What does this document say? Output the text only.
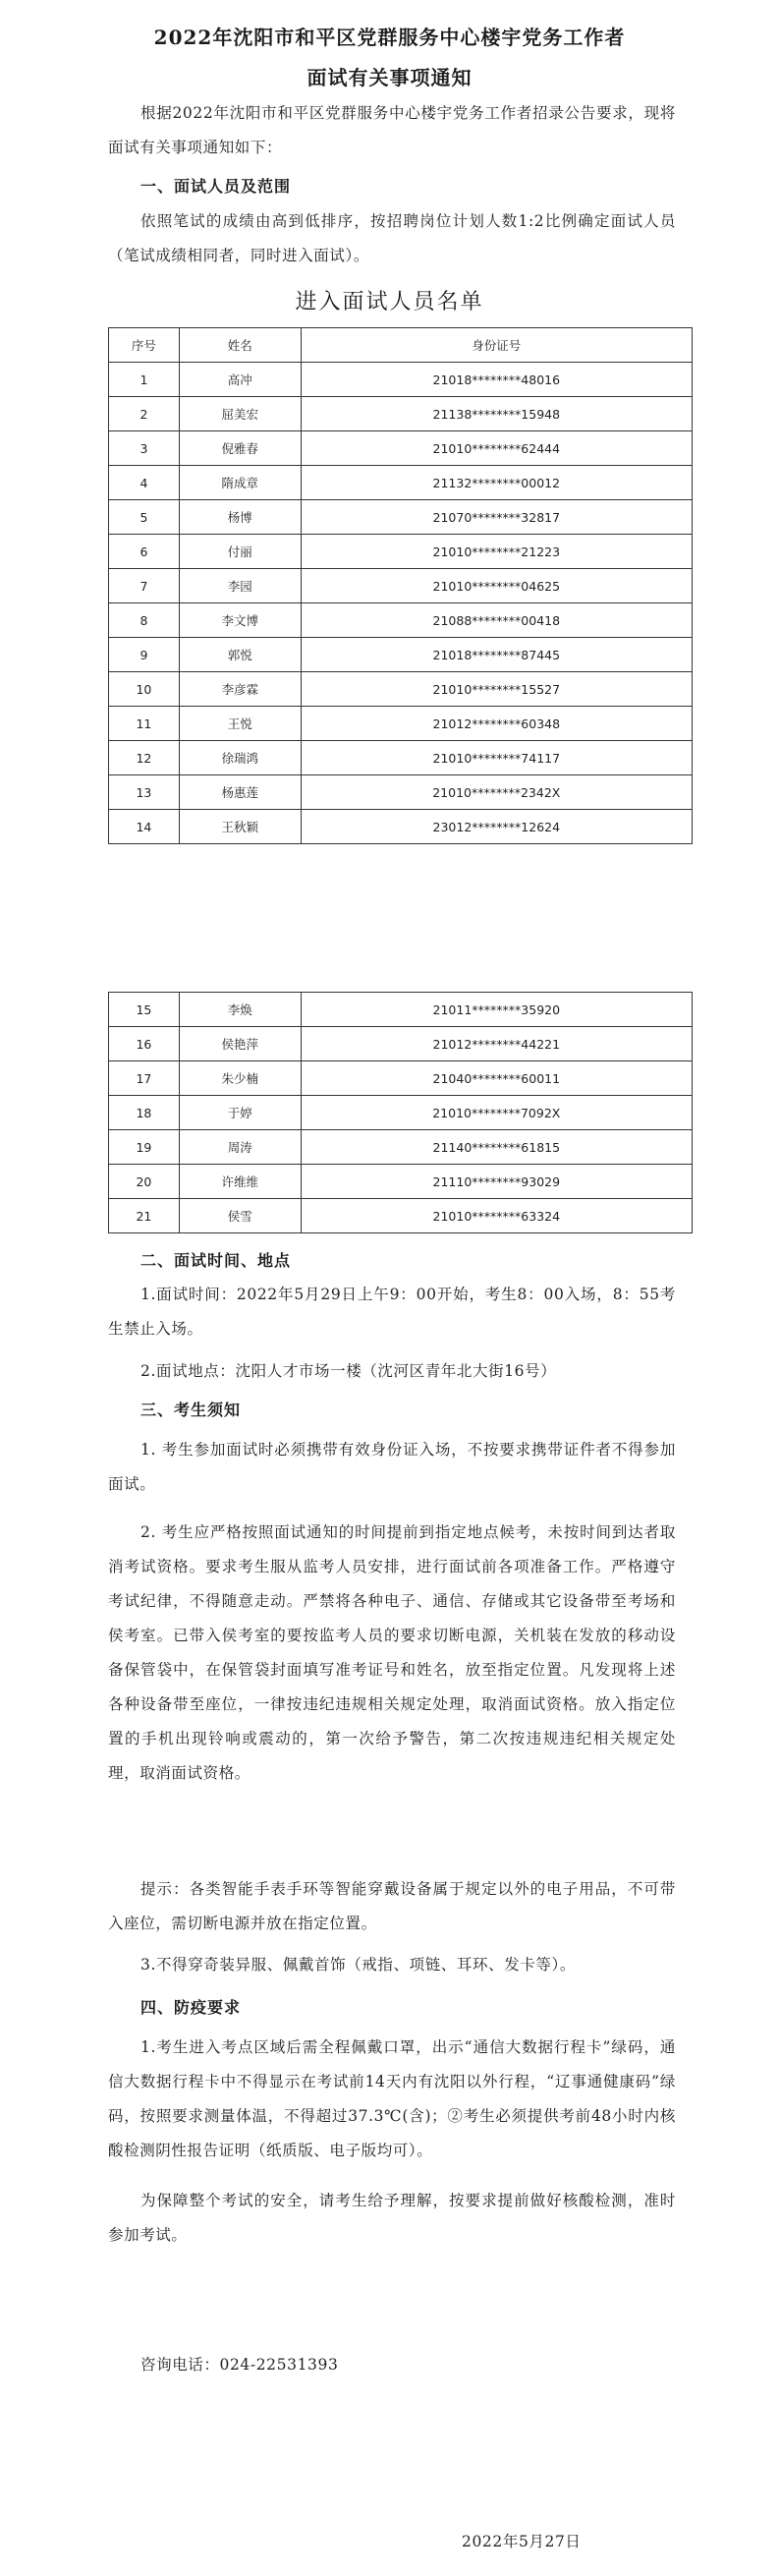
2022年沈阳市和平区党群服务中心楼宇党务工作者
面试有关事项通知
根据2022年沈阳市和平区党群服务中心楼宇党务工作者招录公告要求，现将面试有关事项通知如下：
一、面试人员及范围
依照笔试的成绩由高到低排序，按招聘岗位计划人数1:2比例确定面试人员（笔试成绩相同者，同时进入面试）。
进入面试人员名单
序号	姓名	身份证号
1	高冲	21018********48016
2	屈美宏	21138********15948
3	倪雅春	21010********62444
4	隋成章	21132********00012
5	杨博	21070********32817
6	付丽	21010********21223
7	李园	21010********04625
8	李文博	21088********00418
9	郭悦	21018********87445
10	李彦霖	21010********15527
11	王悦	21012********60348
12	徐瑞鸿	21010********74117
13	杨惠莲	21010********2342X
14	王秋颖	23012********12624
15	李焕	21011********35920
16	侯艳萍	21012********44221
17	朱少楠	21040********60011
18	于婷	21010********7092X
19	周涛	21140********61815
20	许维维	21110********93029
21	侯雪	21010********63324
二、面试时间、地点
1.面试时间：2022年5月29日上午9：00开始，考生8：00入场，8：55考生禁止入场。
2.面试地点：沈阳人才市场一楼（沈河区青年北大街16号）
三、考生须知
1. 考生参加面试时必须携带有效身份证入场，不按要求携带证件者不得参加面试。
2. 考生应严格按照面试通知的时间提前到指定地点候考，未按时间到达者取消考试资格。要求考生服从监考人员安排，进行面试前各项准备工作。严格遵守考试纪律，不得随意走动。严禁将各种电子、通信、存储或其它设备带至考场和侯考室。已带入侯考室的要按监考人员的要求切断电源，关机装在发放的移动设备保管袋中，在保管袋封面填写准考证号和姓名，放至指定位置。凡发现将上述各种设备带至座位，一律按违纪违规相关规定处理，取消面试资格。放入指定位置的手机出现铃响或震动的，第一次给予警告，第二次按违规违纪相关规定处理，取消面试资格。
提示：各类智能手表手环等智能穿戴设备属于规定以外的电子用品，不可带入座位，需切断电源并放在指定位置。
3.不得穿奇装异服、佩戴首饰（戒指、项链、耳环、发卡等）。
四、防疫要求
1.考生进入考点区域后需全程佩戴口罩，出示“通信大数据行程卡”绿码，通信大数据行程卡中不得显示在考试前14天内有沈阳以外行程，“辽事通健康码”绿码，按照要求测量体温，不得超过37.3℃(含)；②考生必须提供考前48小时内核酸检测阴性报告证明（纸质版、电子版均可）。
为保障整个考试的安全，请考生给予理解，按要求提前做好核酸检测，准时参加考试。
咨询电话：024-22531393
2022年5月27日
